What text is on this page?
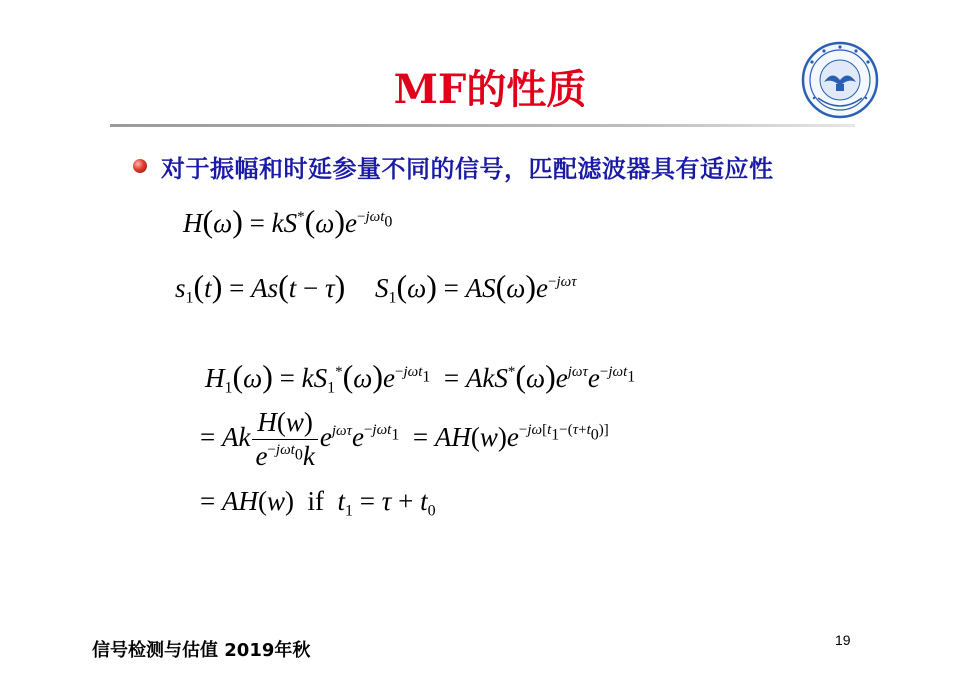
MF的性质
对于振幅和时延参量不同的信号，匹配滤波器具有适应性
$H(\omega) = kS^*(\omega)e^{-j\omega t_0}$
$s_1(t) = As(t - \tau) S_1(\omega) = AS(\omega)e^{-j\omega\tau}$
$H_1(\omega) = kS_1^*(\omega)e^{-j\omega t_1} = AkS^*(\omega)e^{j\omega\tau}e^{-j\omega t_1}$
= Ak $\frac{H(w)}{e^{-j\omega t_0}k} e^{j\omega\tau}e^{-j\omega t_1} = AH(w)e^{-j\omega[t_1-(\tau+t_0)]}$
= AH(w)  if  $t_1 = \tau + t_0$
信号检测与估值 2019年秋	19
